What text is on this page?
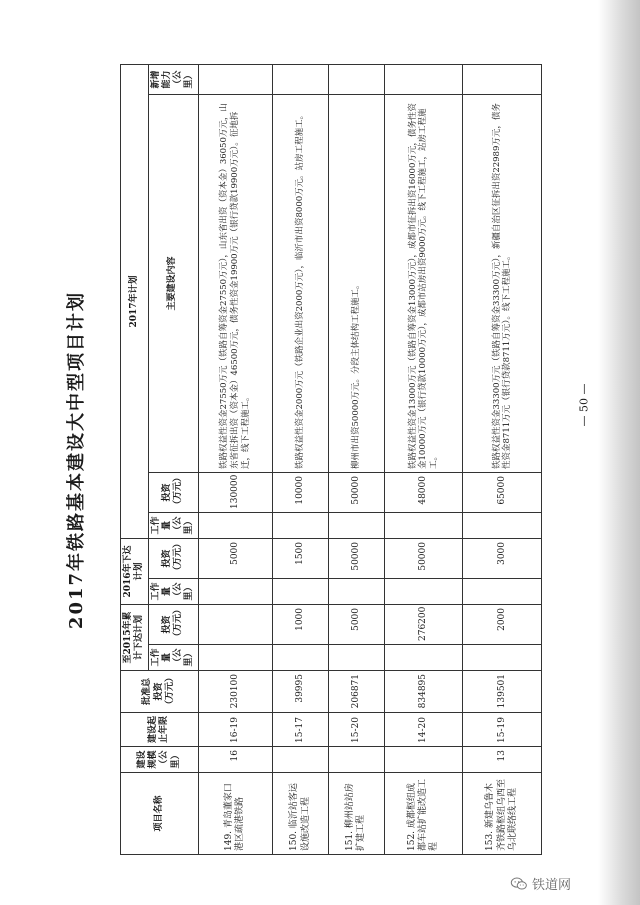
2017年铁路基本建设大中型项目计划
项目名称	建设规模（公里）	建设起止年限	批准总投资（万元）	至2015年累计下达计划		2016年下达计划		2017年计划			
				工作量（公里）	投资（万元）	工作量（公里）	投资（万元）	工作量（公里）	投资（万元）	主要建设内容	新增能力（公里）

149. 青岛董家口港区疏港铁路	16	16-19	230100				5000		130000	铁路权益性资金27550万元（铁路自筹资金27550万元），山东省出资（资本金）36050万元，山东省征拆出资（资本金）46500万元，债务性资金19900万元（银行贷款19900万元）。征地拆迁，线下工程施工。	
150. 临沂站客运设施改造工程		15-17	39995		1000		1500		10000	铁路权益性资金2000万元（铁路企业出资2000万元），临沂市出资8000万元。站房工程施工。	
151. 柳州站站房扩建工程		15-20	206871		5000		50000		50000	柳州市出资50000万元。分段主体结构工程施工。	
152. 成都枢纽成都车站扩能改造工程		14-20	834895		276200		50000		48000	铁路权益性资金13000万元（铁路自筹资金13000万元），成都市征拆出资16000万元，债务性资金10000万元（银行贷款10000万元），成都市站房出资9000万元。线下工程施工，站房工程施工。	
153. 新建乌鲁木齐铁路枢纽乌西至乌北联络线工程	13	15-19	139501		2000		3000		65000	铁路权益性资金33300万元（铁路自筹资金33300万元），新疆自治区征拆出资22989万元，债务性资金8711万元（银行贷款8711万元）。线下工程施工。		— 50 —
铁道网
